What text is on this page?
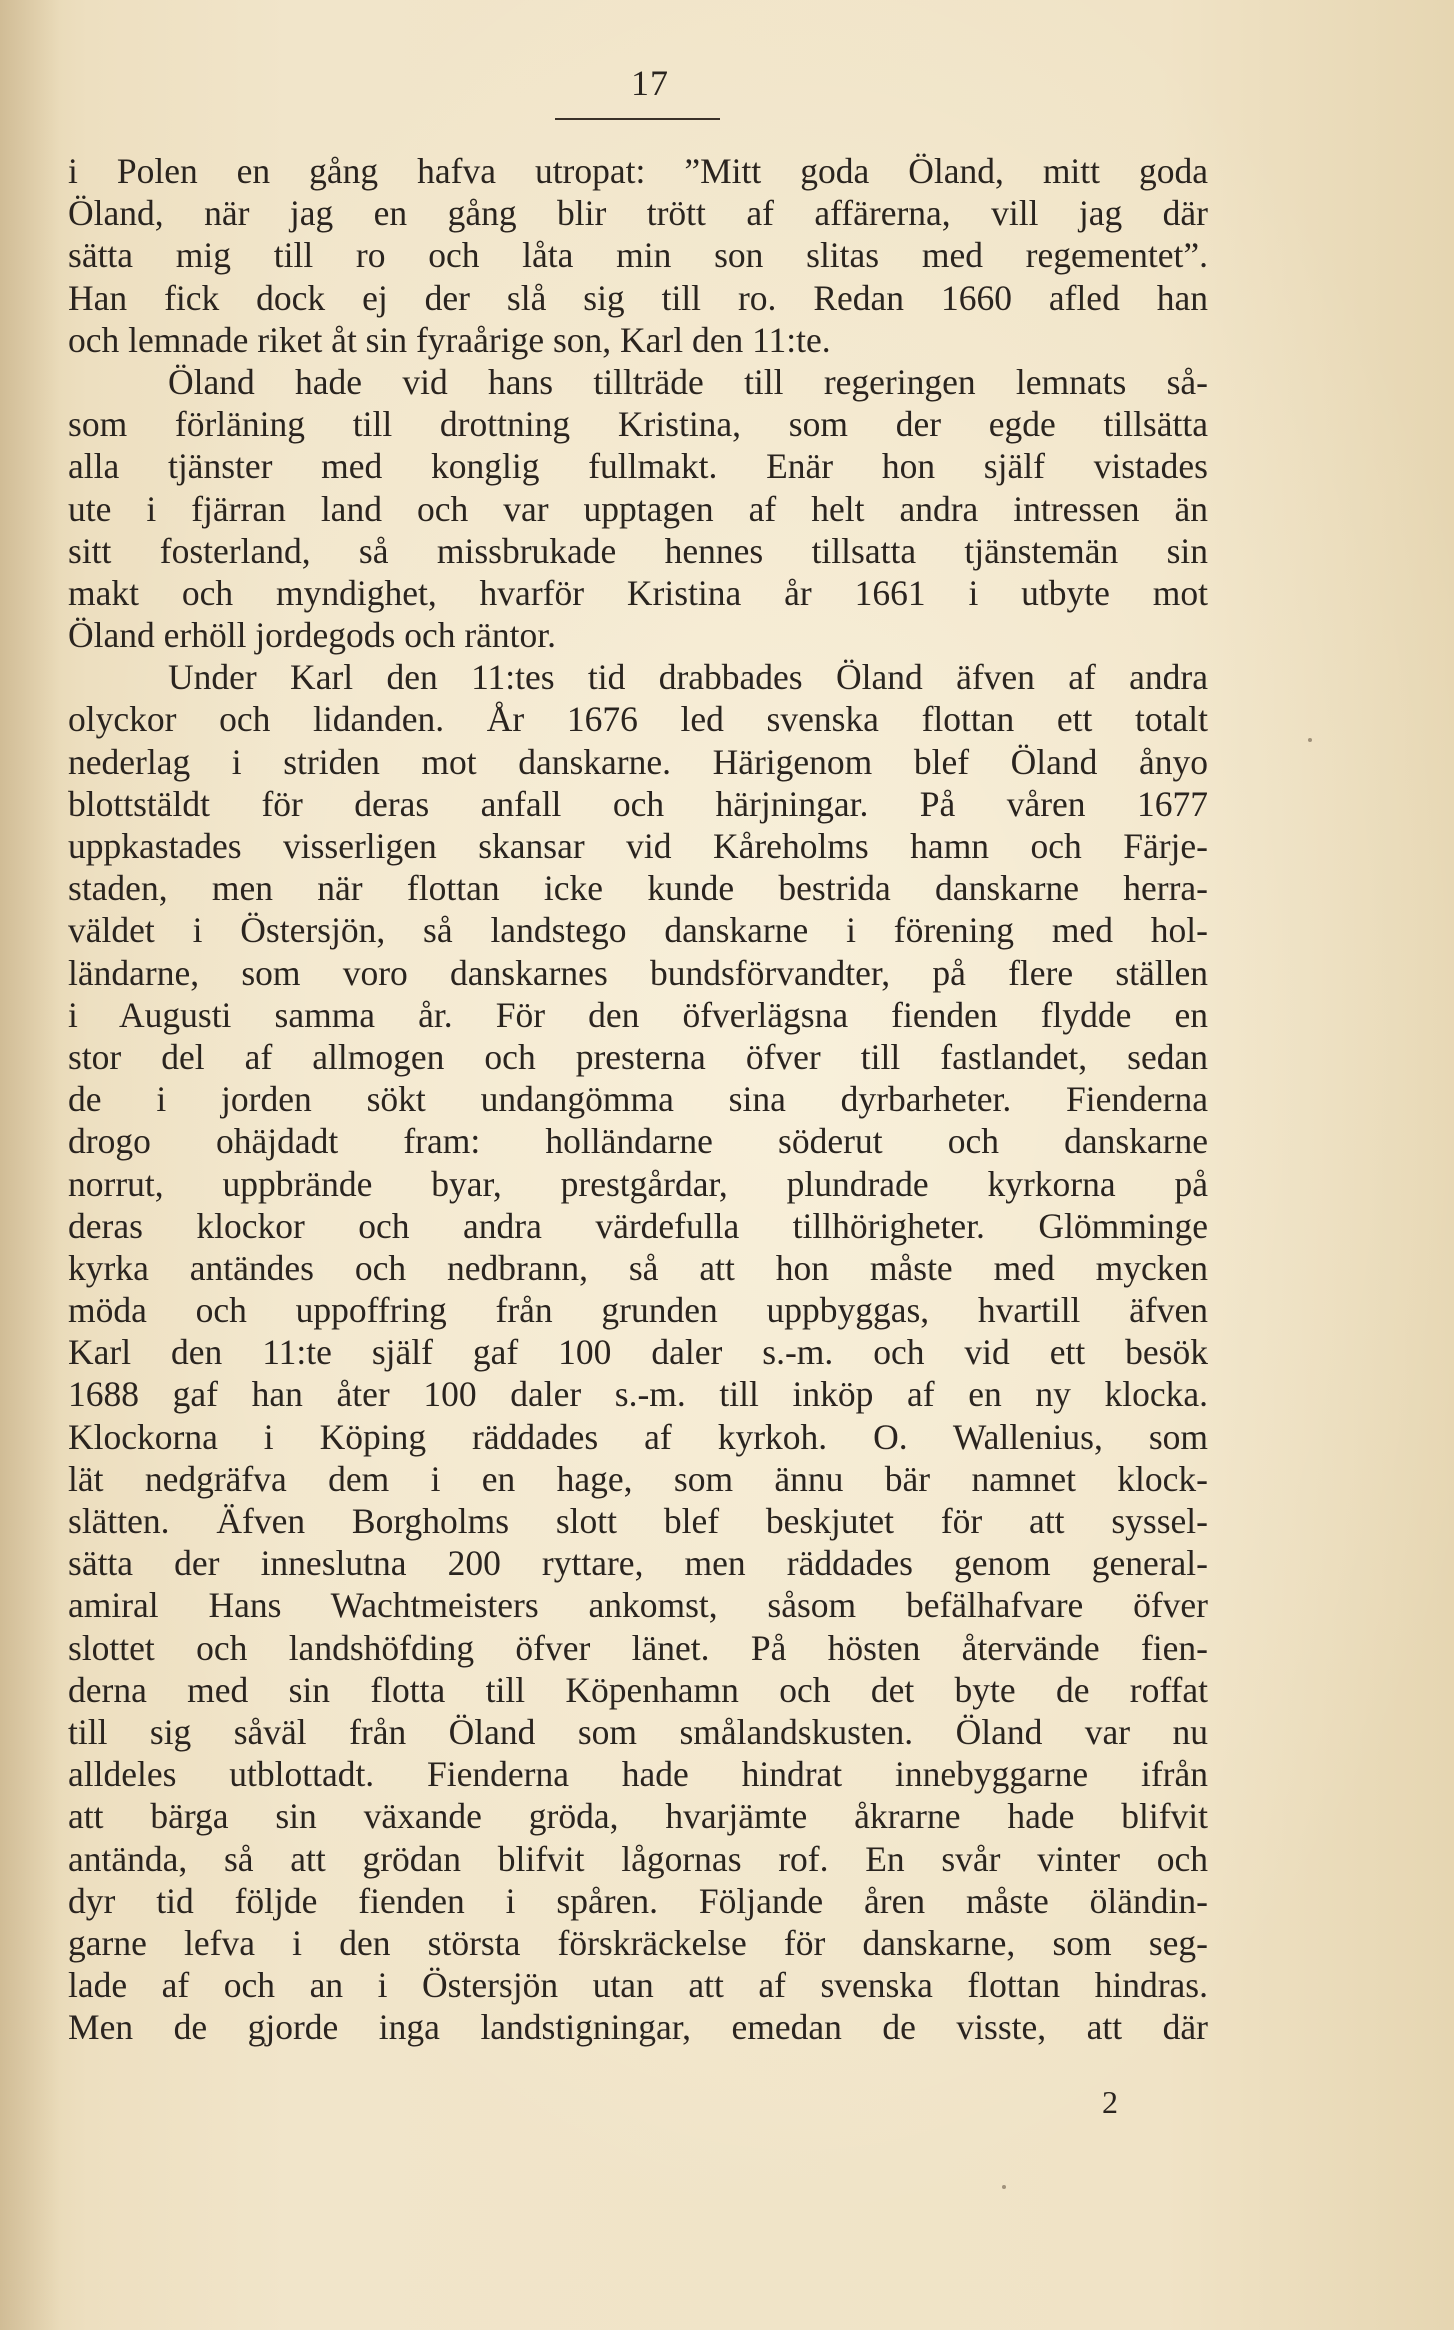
17
i Polen en gång hafva utropat: ”Mitt goda Öland, mitt goda
Öland, när jag en gång blir trött af affärerna, vill jag där
sätta mig till ro och låta min son slitas med regementet”.
Han fick dock ej der slå sig till ro. Redan 1660 afled han
och lemnade riket åt sin fyraårige son, Karl den 11:te.
Öland hade vid hans tillträde till regeringen lemnats så-
som förläning till drottning Kristina, som der egde tillsätta
alla tjänster med konglig fullmakt. Enär hon själf vistades
ute i fjärran land och var upptagen af helt andra intressen än
sitt fosterland, så missbrukade hennes tillsatta tjänstemän sin
makt och myndighet, hvarför Kristina år 1661 i utbyte mot
Öland erhöll jordegods och räntor.
Under Karl den 11:tes tid drabbades Öland äfven af andra
olyckor och lidanden. År 1676 led svenska flottan ett totalt
nederlag i striden mot danskarne. Härigenom blef Öland ånyo
blottstäldt för deras anfall och härjningar. På våren 1677
uppkastades visserligen skansar vid Kåreholms hamn och Färje-
staden, men när flottan icke kunde bestrida danskarne herra-
väldet i Östersjön, så landstego danskarne i förening med hol-
ländarne, som voro danskarnes bundsförvandter, på flere ställen
i Augusti samma år. För den öfverlägsna fienden flydde en
stor del af allmogen och presterna öfver till fastlandet, sedan
de i jorden sökt undangömma sina dyrbarheter. Fienderna
drogo ohäjdadt fram: holländarne söderut och danskarne
norrut, uppbrände byar, prestgårdar, plundrade kyrkorna på
deras klockor och andra värdefulla tillhörigheter. Glömminge
kyrka antändes och nedbrann, så att hon måste med mycken
möda och uppoffring från grunden uppbyggas, hvartill äfven
Karl den 11:te själf gaf 100 daler s.-m. och vid ett besök
1688 gaf han åter 100 daler s.-m. till inköp af en ny klocka.
Klockorna i Köping räddades af kyrkoh. O. Wallenius, som
lät nedgräfva dem i en hage, som ännu bär namnet klock-
slätten. Äfven Borgholms slott blef beskjutet för att syssel-
sätta der inneslutna 200 ryttare, men räddades genom general-
amiral Hans Wachtmeisters ankomst, såsom befälhafvare öfver
slottet och landshöfding öfver länet. På hösten återvände fien-
derna med sin flotta till Köpenhamn och det byte de roffat
till sig såväl från Öland som smålandskusten. Öland var nu
alldeles utblottadt. Fienderna hade hindrat innebyggarne ifrån
att bärga sin växande gröda, hvarjämte åkrarne hade blifvit
antända, så att grödan blifvit lågornas rof. En svår vinter och
dyr tid följde fienden i spåren. Följande åren måste öländin-
garne lefva i den största förskräckelse för danskarne, som seg-
lade af och an i Östersjön utan att af svenska flottan hindras.
Men de gjorde inga landstigningar, emedan de visste, att där
2
